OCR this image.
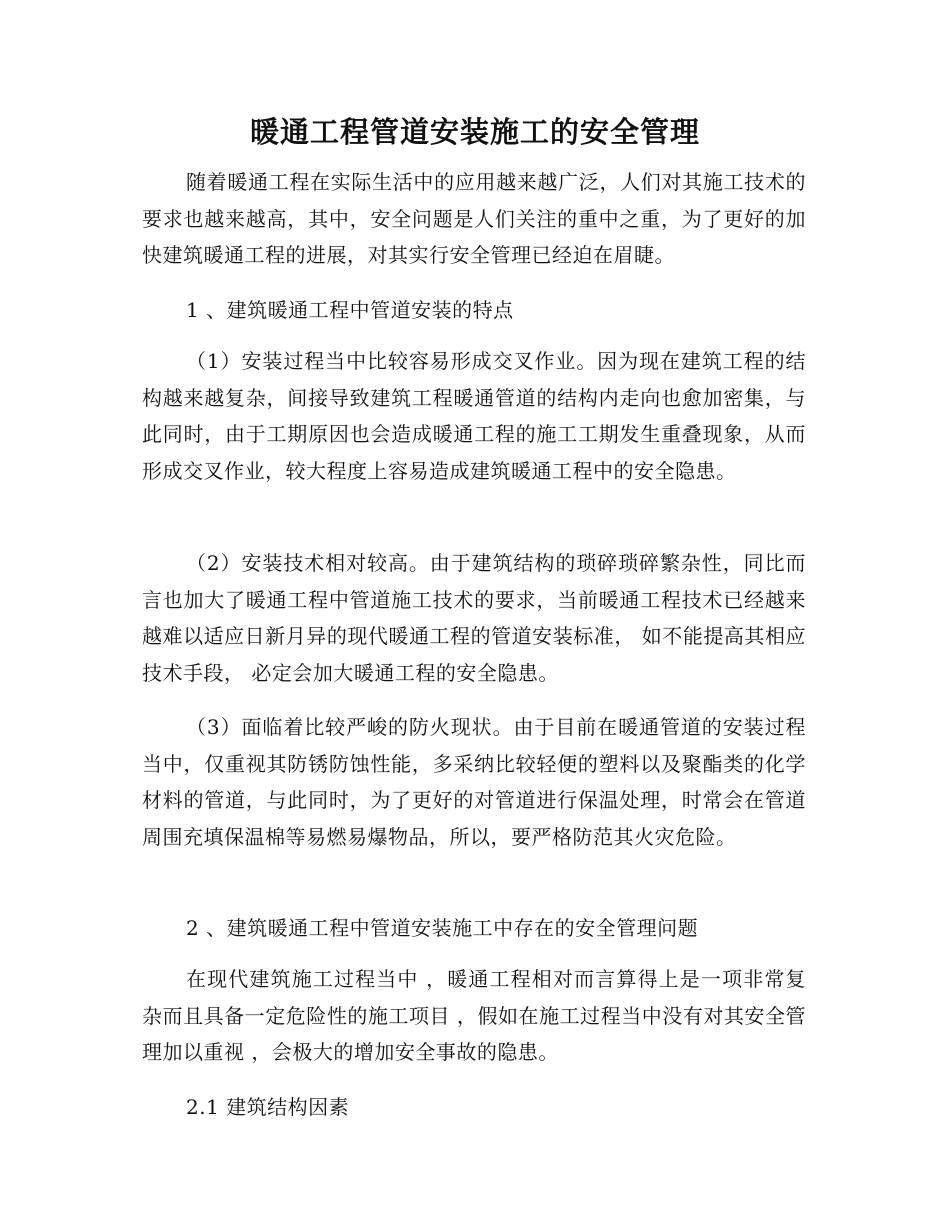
暖通工程管道安装施工的安全管理
随着暖通工程在实际生活中的应用越来越广泛，人们对其施工技术的要求也越来越高，其中，安全问题是人们关注的重中之重，为了更好的加快建筑暖通工程的进展，对其实行安全管理已经迫在眉睫。
1 、建筑暖通工程中管道安装的特点
（1）安装过程当中比较容易形成交叉作业。因为现在建筑工程的结构越来越复杂，间接导致建筑工程暖通管道的结构内走向也愈加密集，与此同时，由于工期原因也会造成暖通工程的施工工期发生重叠现象，从而形成交叉作业，较大程度上容易造成建筑暖通工程中的安全隐患。
（2）安装技术相对较高。由于建筑结构的琐碎琐碎繁杂性，同比而言也加大了暖通工程中管道施工技术的要求，当前暖通工程技术已经越来越难以适应日新月异的现代暖通工程的管道安装标准， 如不能提高其相应技术手段， 必定会加大暖通工程的安全隐患。
（3）面临着比较严峻的防火现状。由于目前在暖通管道的安装过程当中，仅重视其防锈防蚀性能，多采纳比较轻便的塑料以及聚酯类的化学材料的管道，与此同时，为了更好的对管道进行保温处理，时常会在管道周围充填保温棉等易燃易爆物品，所以，要严格防范其火灾危险。
2 、建筑暖通工程中管道安装施工中存在的安全管理问题
在现代建筑施工过程当中 ，暖通工程相对而言算得上是一项非常复杂而且具备一定危险性的施工项目 ，假如在施工过程当中没有对其安全管理加以重视 ，会极大的增加安全事故的隐患。
2.1 建筑结构因素
